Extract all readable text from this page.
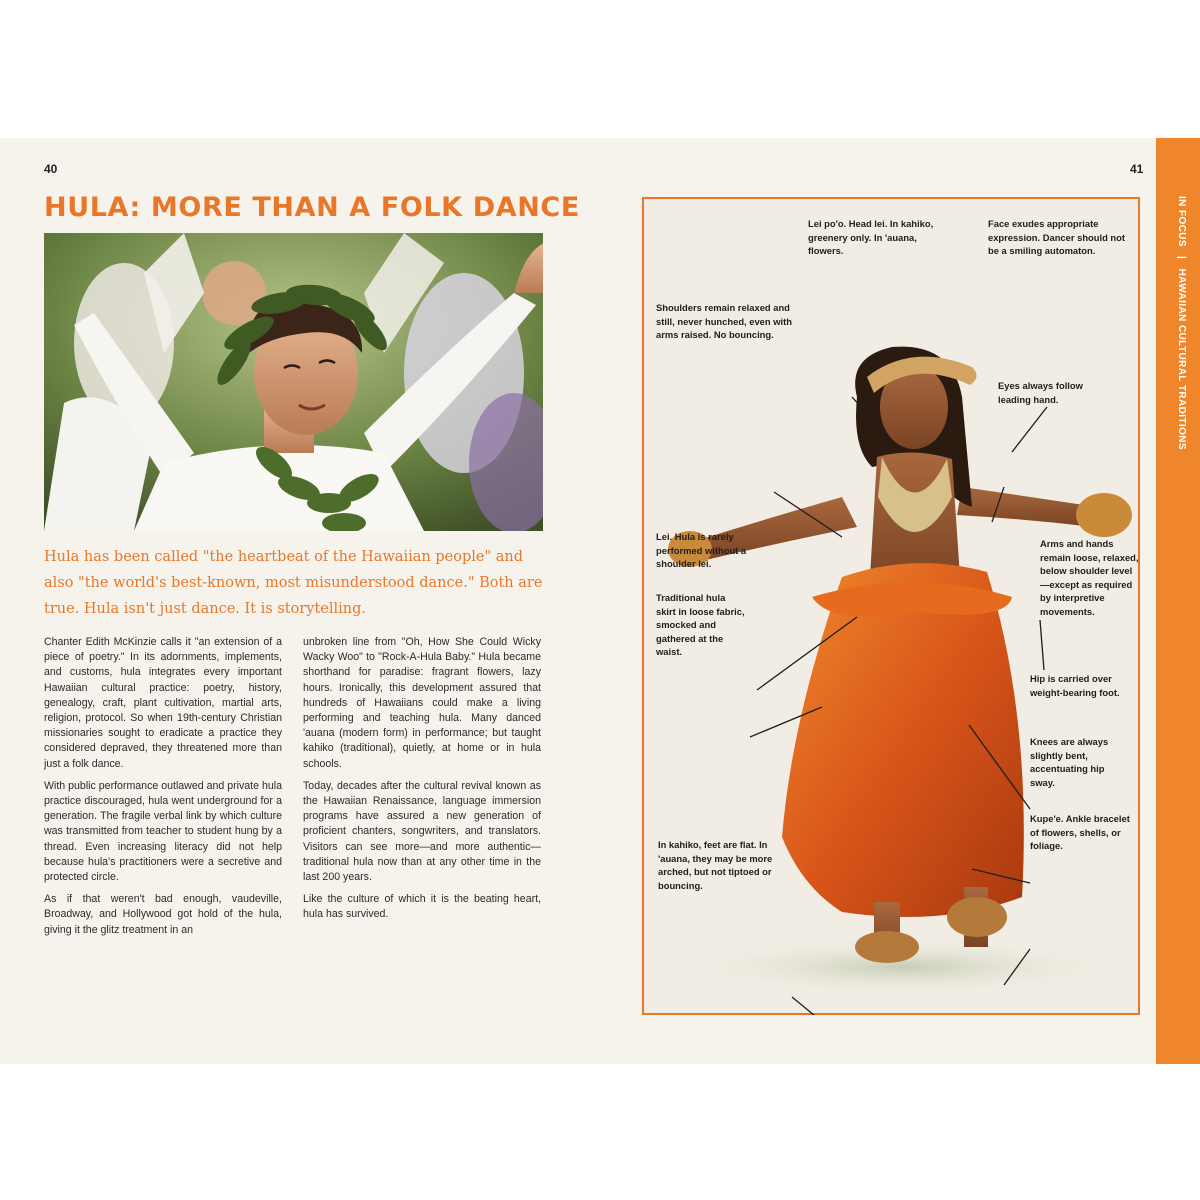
40
HULA: MORE THAN A FOLK DANCE

Hula has been called "the heartbeat of the Hawaiian people" and also "the world's best-known, most misunderstood dance." Both are true. Hula isn't just dance. It is storytelling.

Chanter Edith McKinzie calls it "an extension of a piece of poetry." In its adornments, implements, and customs, hula integrates every important Hawaiian cultural practice: poetry, history, genealogy, craft, plant cultivation, martial arts, religion, protocol. So when 19th-century Christian missionaries sought to eradicate a practice they considered depraved, they threatened more than just a folk dance.

With public performance outlawed and private hula practice discouraged, hula went underground for a generation. The fragile verbal link by which culture was transmitted from teacher to student hung by a thread. Even increasing literacy did not help because hula's practitioners were a secretive and protected circle.

As if that weren't bad enough, vaudeville, Broadway, and Hollywood got hold of the hula, giving it the glitz treatment in an

unbroken line from "Oh, How She Could Wicky Wacky Woo" to "Rock-A-Hula Baby." Hula became shorthand for paradise: fragrant flowers, lazy hours. Ironically, this development assured that hundreds of Hawaiians could make a living performing and teaching hula. Many danced 'auana (modern form) in performance; but taught kahiko (traditional), quietly, at home or in hula schools.

Today, decades after the cultural revival known as the Hawaiian Renaissance, language immersion programs have assured a new generation of proficient chanters, songwriters, and translators. Visitors can see more—and more authentic—traditional hula now than at any other time in the last 200 years.

Like the culture of which it is the beating heart, hula has survived.

41
IN FOCUS | HAWAIIAN CULTURAL TRADITIONS
Lei po'o. Head lei. In kahiko, greenery only. In 'auana, flowers.
Face exudes appropriate expression. Dancer should not be a smiling automaton.
Shoulders remain relaxed and still, never hunched, even with arms raised. No bouncing.
Eyes always follow leading hand.
Lei. Hula is rarely performed without a shoulder lei.
Arms and hands remain loose, relaxed, below shoulder level—except as required by interpretive movements.
Traditional hula skirt in loose fabric, smocked and gathered at the waist.
Hip is carried over weight-bearing foot.
Knees are always slightly bent, accentuating hip sway.
Kupe'e. Ankle bracelet of flowers, shells, or foliage.
In kahiko, feet are flat. In 'auana, they may be more arched, but not tiptoed or bouncing.
